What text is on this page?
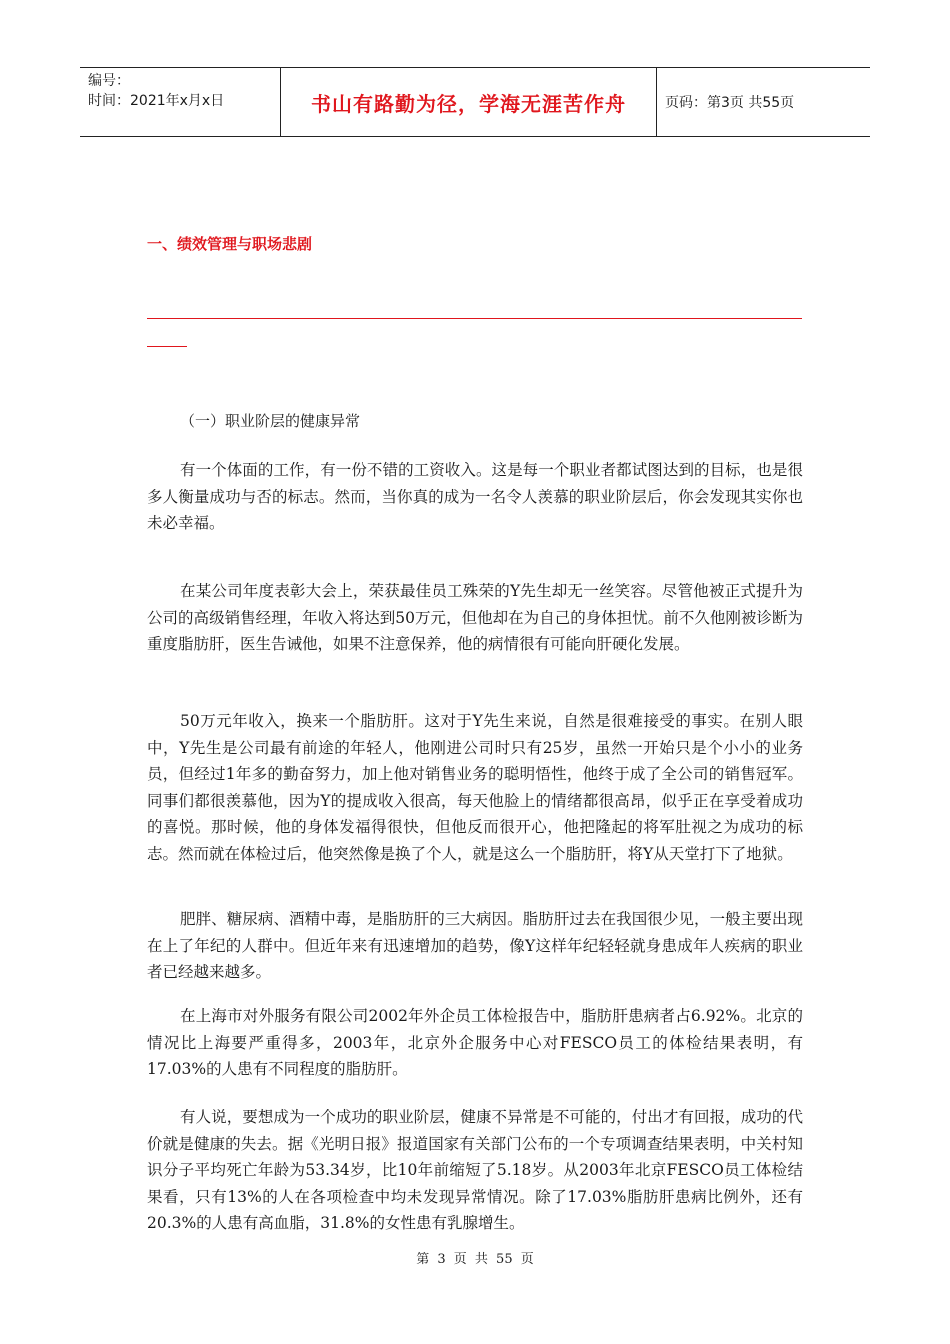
编号：
时间：2021年x月x日	书山有路勤为径，学海无涯苦作舟	页码：第3页 共55页
一、绩效管理与职场悲剧
（一）职业阶层的健康异常

有一个体面的工作，有一份不错的工资收入。这是每一个职业者都试图达到的目标，也是很多人衡量成功与否的标志。然而，当你真的成为一名令人羡慕的职业阶层后，你会发现其实你也未必幸福。

在某公司年度表彰大会上，荣获最佳员工殊荣的Y先生却无一丝笑容。尽管他被正式提升为公司的高级销售经理，年收入将达到50万元，但他却在为自己的身体担忧。前不久他刚被诊断为重度脂肪肝，医生告诫他，如果不注意保养，他的病情很有可能向肝硬化发展。

50万元年收入，换来一个脂肪肝。这对于Y先生来说，自然是很难接受的事实。在别人眼中，Y先生是公司最有前途的年轻人，他刚进公司时只有25岁，虽然一开始只是个小小的业务员，但经过1年多的勤奋努力，加上他对销售业务的聪明悟性，他终于成了全公司的销售冠军。同事们都很羡慕他，因为Y的提成收入很高，每天他脸上的情绪都很高昂，似乎正在享受着成功的喜悦。那时候，他的身体发福得很快，但他反而很开心，他把隆起的将军肚视之为成功的标志。然而就在体检过后，他突然像是换了个人，就是这么一个脂肪肝，将Y从天堂打下了地狱。

肥胖、糖尿病、酒精中毒，是脂肪肝的三大病因。脂肪肝过去在我国很少见，一般主要出现在上了年纪的人群中。但近年来有迅速增加的趋势，像Y这样年纪轻轻就身患成年人疾病的职业者已经越来越多。

在上海市对外服务有限公司2002年外企员工体检报告中，脂肪肝患病者占6.92%。北京的情况比上海要严重得多，2003年，北京外企服务中心对FESCO员工的体检结果表明，有17.03%的人患有不同程度的脂肪肝。

有人说，要想成为一个成功的职业阶层，健康不异常是不可能的，付出才有回报，成功的代价就是健康的失去。据《光明日报》报道国家有关部门公布的一个专项调查结果表明，中关村知识分子平均死亡年龄为53.34岁，比10年前缩短了5.18岁。从2003年北京FESCO员工体检结果看，只有13%的人在各项检查中均未发现异常情况。除了17.03%脂肪肝患病比例外，还有20.3%的人患有高血脂，31.8%的女性患有乳腺增生。

第 3 页 共 55 页
